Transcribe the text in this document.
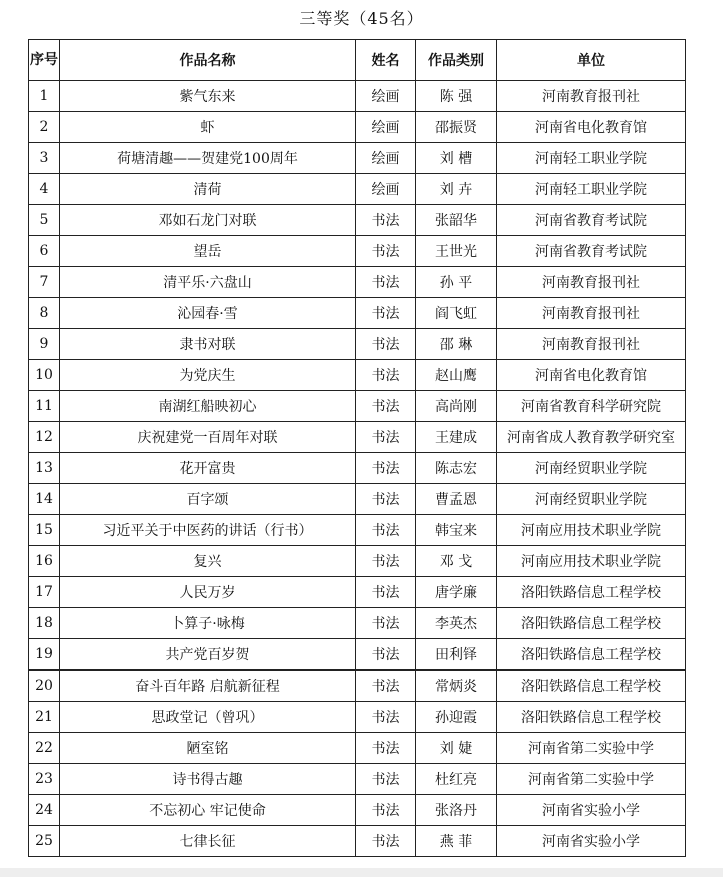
三等奖（45名）
序号	作品名称	姓名	作品类别	单位
1	紫气东来	绘画	陈 强	河南教育报刊社
2	虾	绘画	邵振贤	河南省电化教育馆
3	荷塘清趣——贺建党100周年	绘画	刘 槽	河南轻工职业学院
4	清荷	绘画	刘 卉	河南轻工职业学院
5	邓如石龙门对联	书法	张韶华	河南省教育考试院
6	望岳	书法	王世光	河南省教育考试院
7	清平乐·六盘山	书法	孙 平	河南教育报刊社
8	沁园春·雪	书法	阎飞虹	河南教育报刊社
9	隶书对联	书法	邵 琳	河南教育报刊社
10	为党庆生	书法	赵山鹰	河南省电化教育馆
11	南湖红船映初心	书法	高尚刚	河南省教育科学研究院
12	庆祝建党一百周年对联	书法	王建成	河南省成人教育教学研究室
13	花开富贵	书法	陈志宏	河南经贸职业学院
14	百字颂	书法	曹孟恩	河南经贸职业学院
15	习近平关于中医药的讲话（行书）	书法	韩宝来	河南应用技术职业学院
16	复兴	书法	邓 戈	河南应用技术职业学院
17	人民万岁	书法	唐学廉	洛阳铁路信息工程学校
18	卜算子·咏梅	书法	李英杰	洛阳铁路信息工程学校
19	共产党百岁贺	书法	田利铎	洛阳铁路信息工程学校
20	奋斗百年路 启航新征程	书法	常炳炎	洛阳铁路信息工程学校
21	思政堂记（曾巩）	书法	孙迎霞	洛阳铁路信息工程学校
22	陋室铭	书法	刘 婕	河南省第二实验中学
23	诗书得古趣	书法	杜红亮	河南省第二实验中学
24	不忘初心 牢记使命	书法	张洛丹	河南省实验小学
25	七律长征	书法	燕 菲	河南省实验小学
